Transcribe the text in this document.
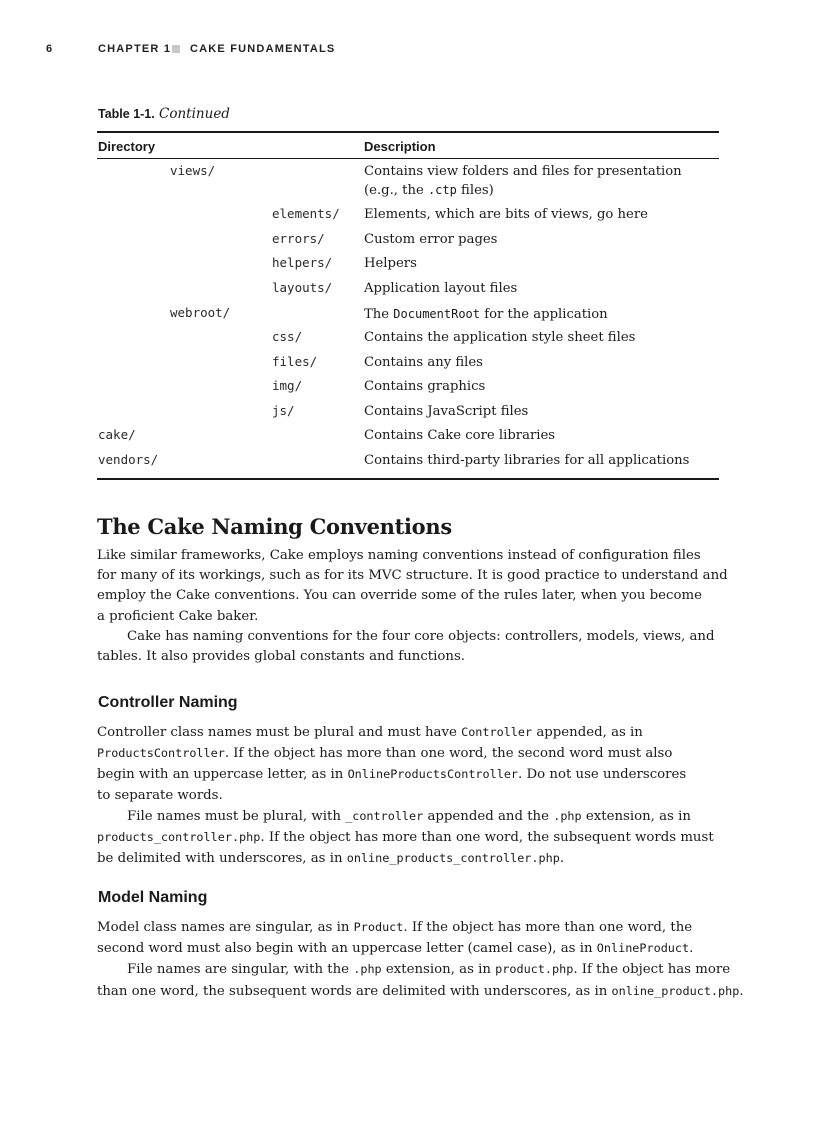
6	CHAPTER 1 CAKE FUNDAMENTALS
Table 1-1. Continued
Directory	Description
views/	Contains view folders and files for presentation
(e.g., the .ctp files)
elements/ Elements, which are bits of views, go here
errors/	Custom error pages
helpers/ Helpers
layouts/ Application layout files
webroot/	The DocumentRoot for the application
css/	Contains the application style sheet files
files/	Contains any files
img/	Contains graphics
js/	Contains JavaScript files
cake/	Contains Cake core libraries
vendors/	Contains third-party libraries for all applications
The Cake Naming Conventions
Like similar frameworks, Cake employs naming conventions instead of configuration files
for many of its workings, such as for its MVC structure. It is good practice to understand and
employ the Cake conventions. You can override some of the rules later, when you become
a proficient Cake baker.
Cake has naming conventions for the four core objects: controllers, models, views, and
tables. It also provides global constants and functions.
Controller Naming
Controller class names must be plural and must have Controller appended, as in
ProductsController. If the object has more than one word, the second word must also
begin with an uppercase letter, as in OnlineProductsController. Do not use underscores
to separate words.
File names must be plural, with _controller appended and the .php extension, as in
products_controller.php. If the object has more than one word, the subsequent words must
be delimited with underscores, as in online_products_controller.php.
Model Naming
Model class names are singular, as in Product. If the object has more than one word, the
second word must also begin with an uppercase letter (camel case), as in OnlineProduct.
File names are singular, with the .php extension, as in product.php. If the object has more
than one word, the subsequent words are delimited with underscores, as in online_product.php.
